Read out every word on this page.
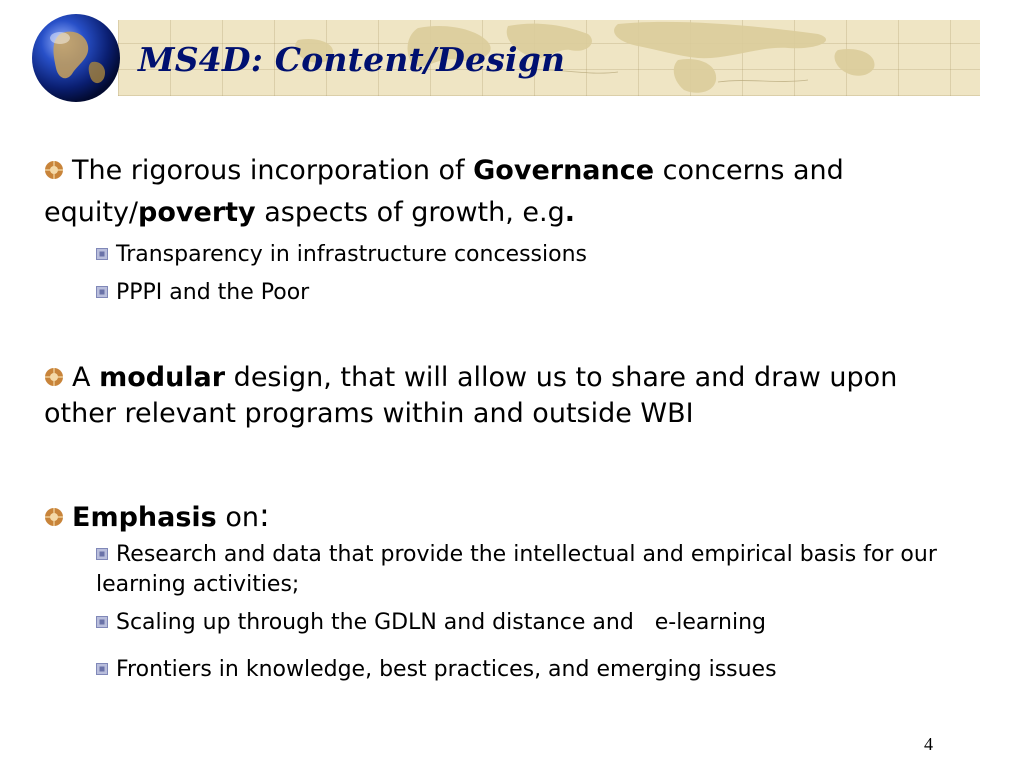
MS4D: Content/Design
The rigorous incorporation of Governance concerns and equity/poverty aspects of growth, e.g.
Transparency in infrastructure concessions
PPPI and the Poor
A modular design, that will allow us to share and draw upon other relevant programs within and outside WBI
Emphasis on:
Research and data that provide the intellectual and empirical basis for our learning activities;
Scaling up through the GDLN and distance and   e-learning
Frontiers in knowledge, best practices, and emerging issues
4
